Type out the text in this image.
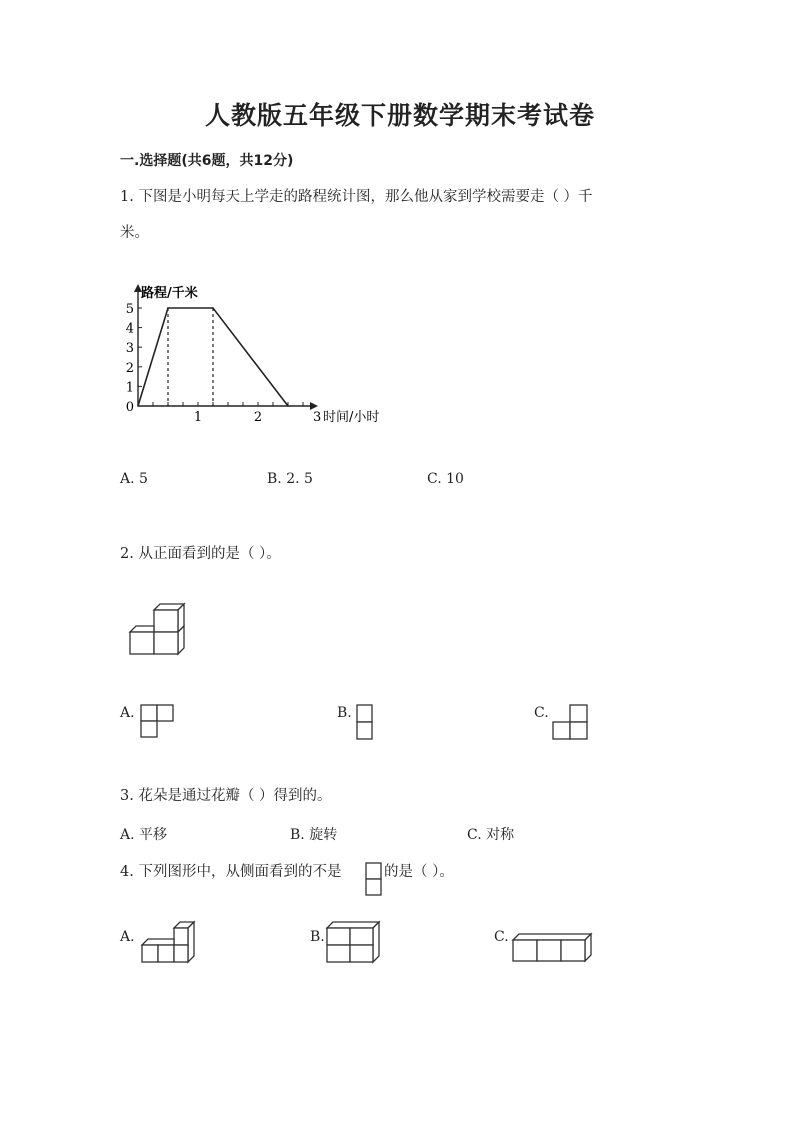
人教版五年级下册数学期末考试卷
一.选择题(共6题，共12分)
1. 下图是小明每天上学走的路程统计图，那么他从家到学校需要走（ ）千
米。
0
1
2
3
4
5
1	2	3 时间/小时
路程/千米
A. 5	B. 2. 5	C. 10
2. 从正面看到的是（ ）。
A.	B.	C.
3. 花朵是通过花瓣（ ）得到的。
A. 平移	B. 旋转	C. 对称
4. 下列图形中，从侧面看到的不是	的是（ ）。
A.	B.	C.
